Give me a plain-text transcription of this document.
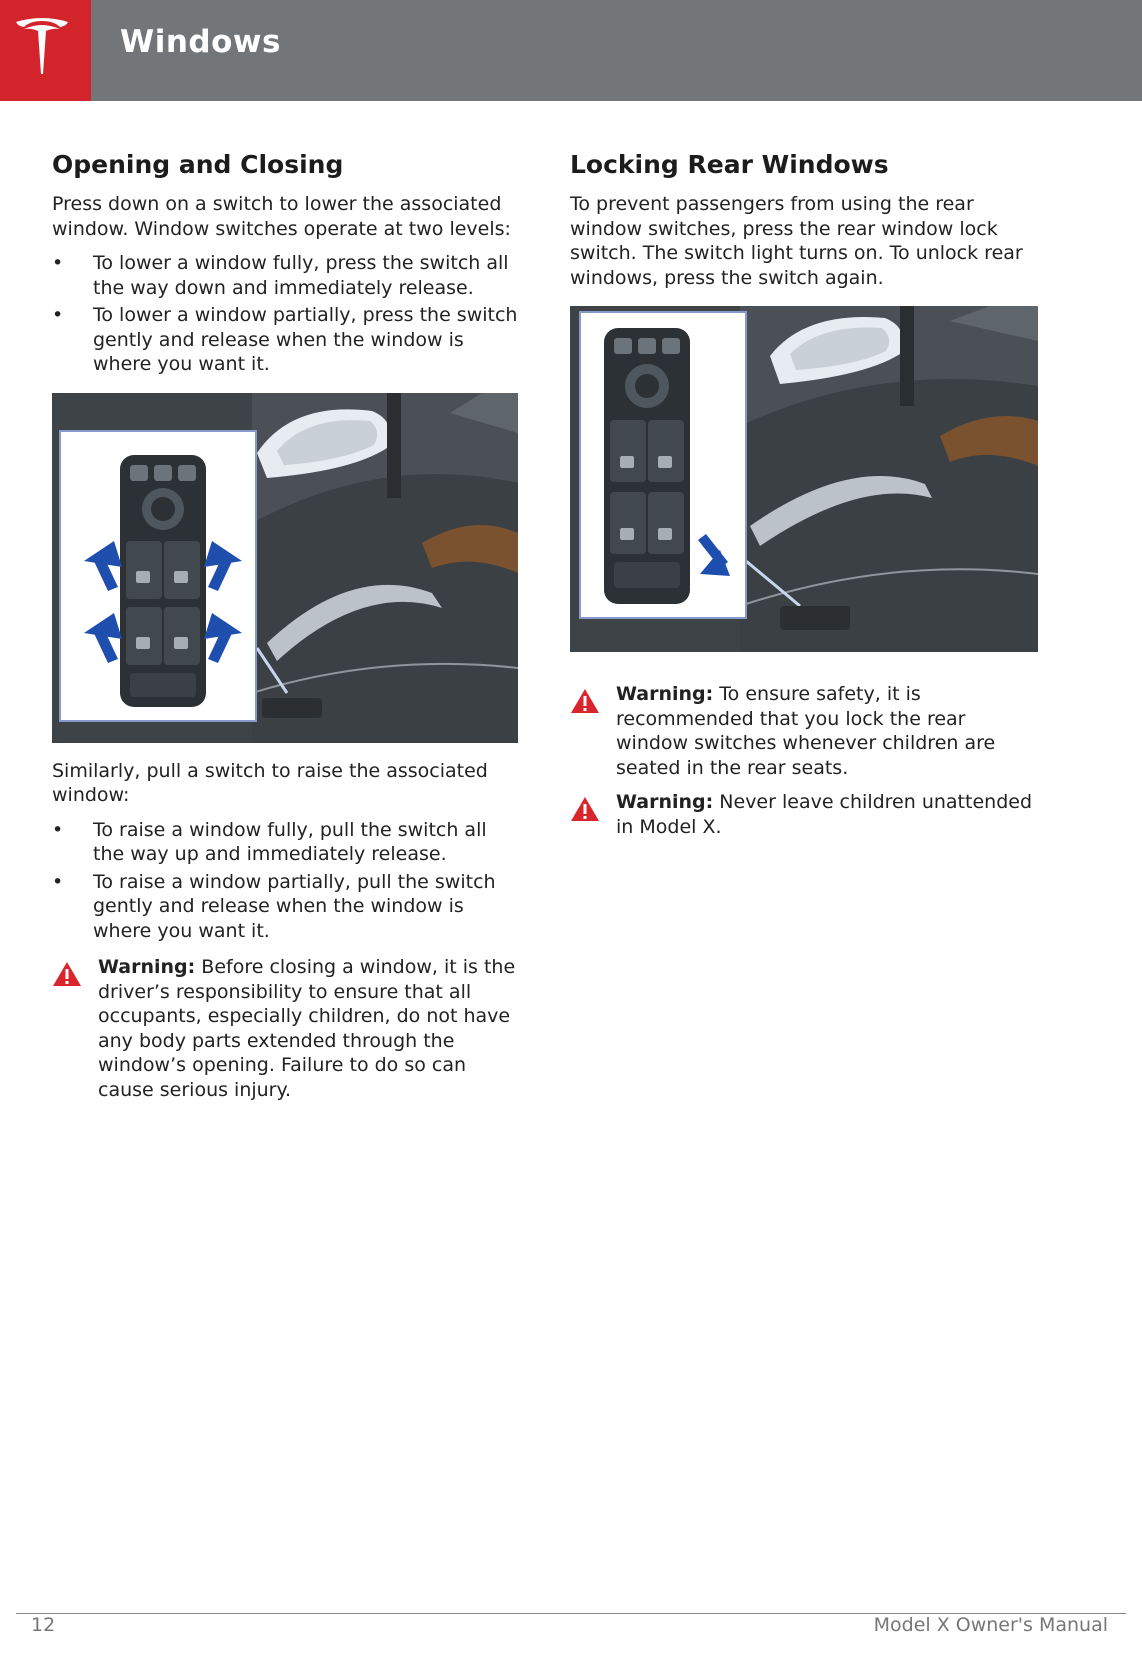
Windows
Opening and Closing

Press down on a switch to lower the associated window. Window switches operate at two levels:

• To lower a window fully, press the switch all the way down and immediately release.
• To lower a window partially, press the switch gently and release when the window is where you want it.

Similarly, pull a switch to raise the associated window:

• To raise a window fully, pull the switch all the way up and immediately release.
• To raise a window partially, pull the switch gently and release when the window is where you want it.

Warning: Before closing a window, it is the driver’s responsibility to ensure that all occupants, especially children, do not have any body parts extended through the window’s opening. Failure to do so can cause serious injury.

Locking Rear Windows

To prevent passengers from using the rear window switches, press the rear window lock switch. The switch light turns on. To unlock rear windows, press the switch again.

Warning: To ensure safety, it is recommended that you lock the rear window switches whenever children are seated in the rear seats.

Warning: Never leave children unattended in Model X.

12	Model X Owner's Manual
